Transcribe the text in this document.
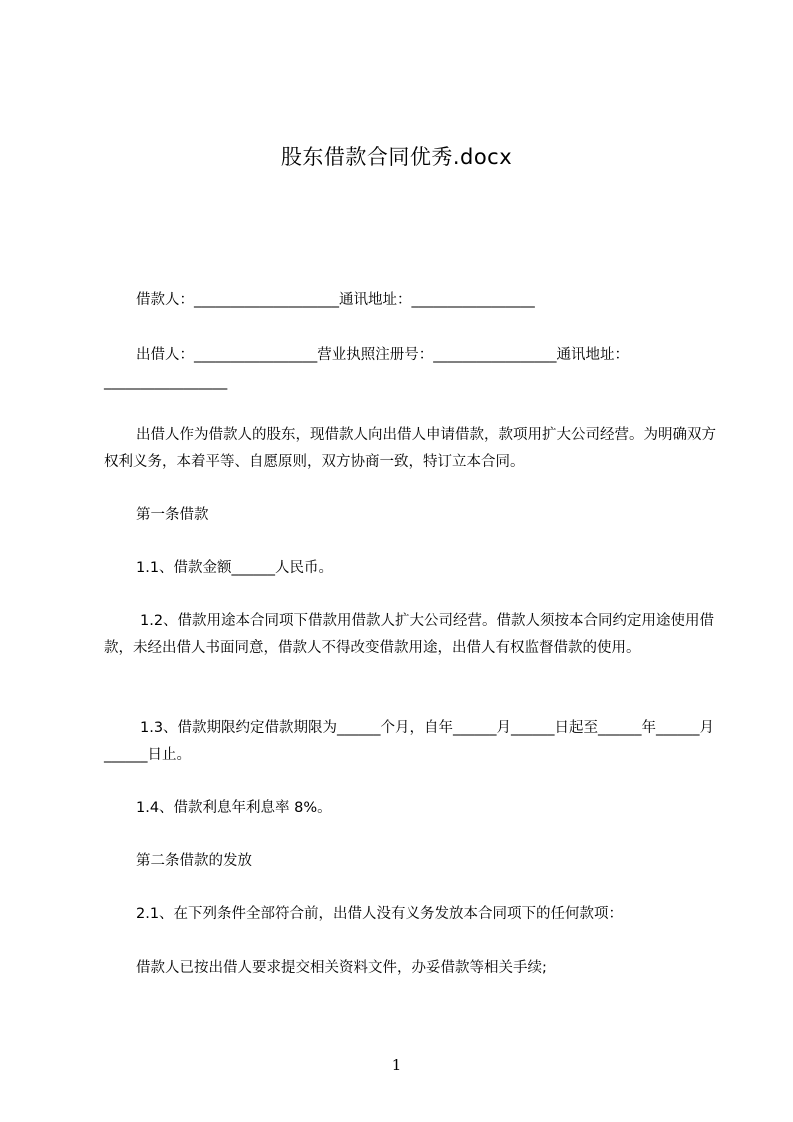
股东借款合同优秀.docx
借款人：____________________通讯地址：_________________
出借人：_________________营业执照注册号：_________________通讯地址：_________________
出借人作为借款人的股东，现借款人向出借人申请借款，款项用扩大公司经营。为明确双方权利义务，本着平等、自愿原则，双方协商一致，特订立本合同。
第一条借款
1.1、借款金额______人民币。
1.2、借款用途本合同项下借款用借款人扩大公司经营。借款人须按本合同约定用途使用借款，未经出借人书面同意，借款人不得改变借款用途，出借人有权监督借款的使用。
1.3、借款期限约定借款期限为______个月，自年______月______日起至______年______月______日止。
1.4、借款利息年利息率 8%。
第二条借款的发放
2.1、在下列条件全部符合前，出借人没有义务发放本合同项下的任何款项：
借款人已按出借人要求提交相关资料文件，办妥借款等相关手续;
1
